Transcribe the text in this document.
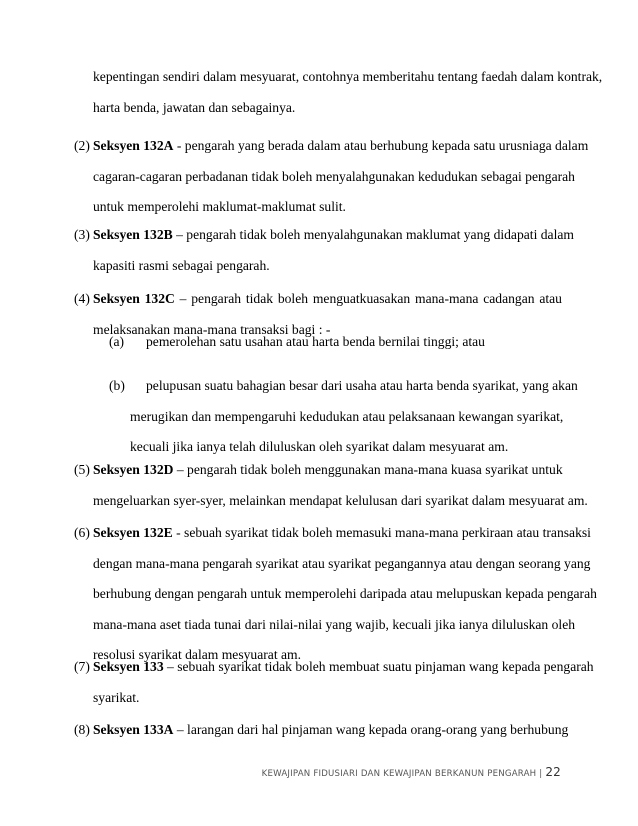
kepentingan sendiri dalam mesyuarat, contohnya memberitahu tentang faedah dalam kontrak,
harta benda, jawatan dan sebagainya.
(2) Seksyen 132A - pengarah yang berada dalam atau berhubung kepada satu urusniaga dalam
cagaran-cagaran perbadanan tidak boleh menyalahgunakan kedudukan sebagai pengarah
untuk memperolehi maklumat-maklumat sulit.
(3) Seksyen 132B – pengarah tidak boleh menyalahgunakan maklumat yang didapati dalam
kapasiti rasmi sebagai pengarah.
(4) Seksyen 132C – pengarah tidak boleh menguatkuasakan mana-mana cadangan atau
melaksanakan mana-mana transaksi bagi : -
(a) pemerolehan satu usahan atau harta benda bernilai tinggi; atau
(b) pelupusan suatu bahagian besar dari usaha atau harta benda syarikat, yang akan
merugikan dan mempengaruhi kedudukan atau pelaksanaan kewangan syarikat,
kecuali jika ianya telah diluluskan oleh syarikat dalam mesyuarat am.
(5) Seksyen 132D – pengarah tidak boleh menggunakan mana-mana kuasa syarikat untuk
mengeluarkan syer-syer, melainkan mendapat kelulusan dari syarikat dalam mesyuarat am.
(6) Seksyen 132E - sebuah syarikat tidak boleh memasuki mana-mana perkiraan atau transaksi
dengan mana-mana pengarah syarikat atau syarikat pegangannya atau dengan seorang yang
berhubung dengan pengarah untuk memperolehi daripada atau melupuskan kepada pengarah
mana-mana aset tiada tunai dari nilai-nilai yang wajib, kecuali jika ianya diluluskan oleh
resolusi syarikat dalam mesyuarat am.
(7) Seksyen 133 – sebuah syarikat tidak boleh membuat suatu pinjaman wang kepada pengarah
syarikat.
(8) Seksyen 133A – larangan dari hal pinjaman wang kepada orang-orang yang berhubung
KEWAJIPAN FIDUSIARI DAN KEWAJIPAN BERKANUN PENGARAH | 22
